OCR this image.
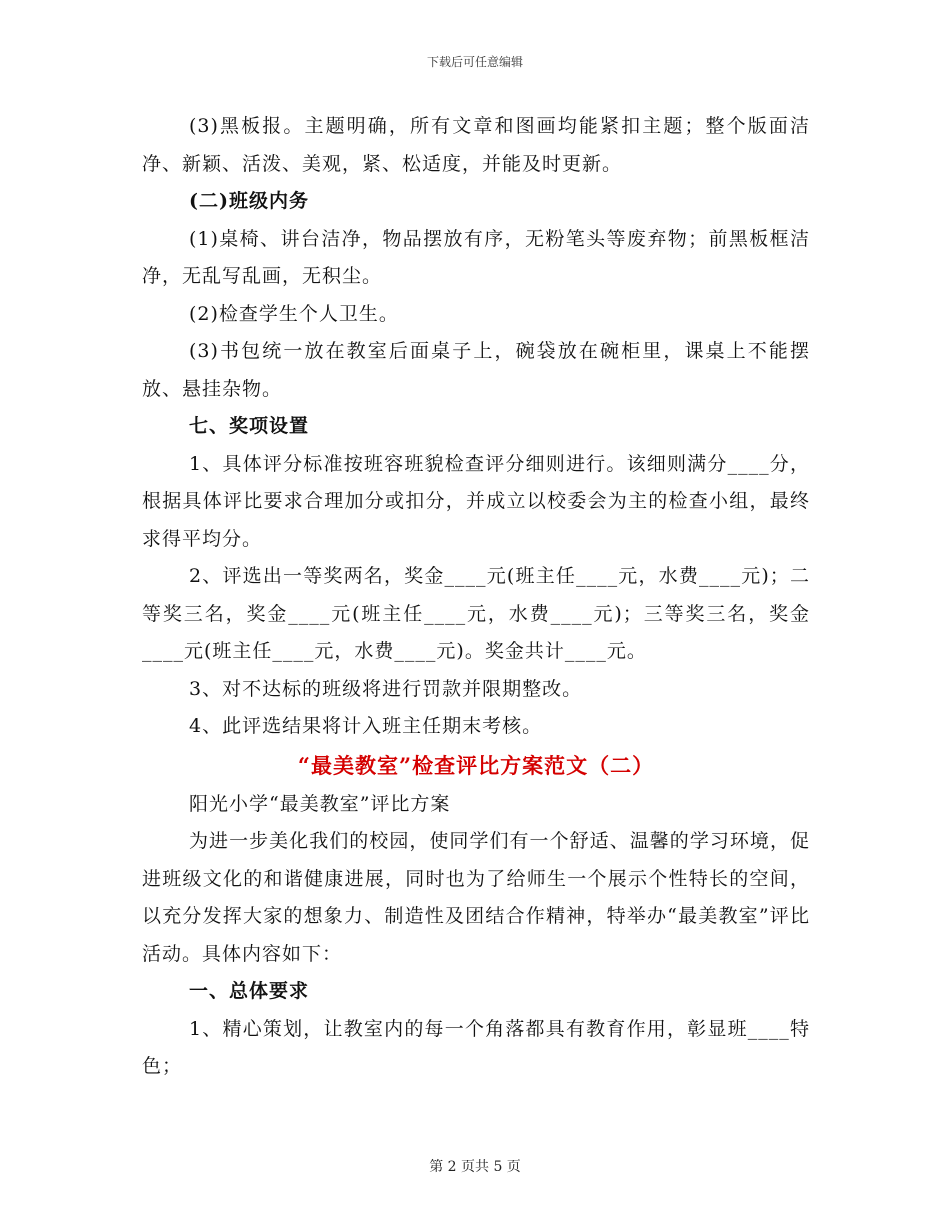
下载后可任意编辑

(3)黑板报。主题明确，所有文章和图画均能紧扣主题；整个版面洁净、新颖、活泼、美观，紧、松适度，并能及时更新。

(二)班级内务

(1)桌椅、讲台洁净，物品摆放有序，无粉笔头等废弃物；前黑板框洁净，无乱写乱画，无积尘。

(2)检查学生个人卫生。

(3)书包统一放在教室后面桌子上，碗袋放在碗柜里，课桌上不能摆放、悬挂杂物。

七、奖项设置

1、具体评分标准按班容班貌检查评分细则进行。该细则满分____分，根据具体评比要求合理加分或扣分，并成立以校委会为主的检查小组，最终求得平均分。

2、评选出一等奖两名，奖金____元(班主任____元，水费____元)；二等奖三名，奖金____元(班主任____元，水费____元)；三等奖三名，奖金____元(班主任____元，水费____元)。奖金共计____元。

3、对不达标的班级将进行罚款并限期整改。

4、此评选结果将计入班主任期末考核。

“最美教室”检查评比方案范文（二）

阳光小学“最美教室”评比方案

为进一步美化我们的校园，使同学们有一个舒适、温馨的学习环境，促进班级文化的和谐健康进展，同时也为了给师生一个展示个性特长的空间，以充分发挥大家的想象力、制造性及团结合作精神，特举办“最美教室”评比活动。具体内容如下：

一、总体要求

1、精心策划，让教室内的每一个角落都具有教育作用，彰显班____特色；

第 2 页共 5 页
